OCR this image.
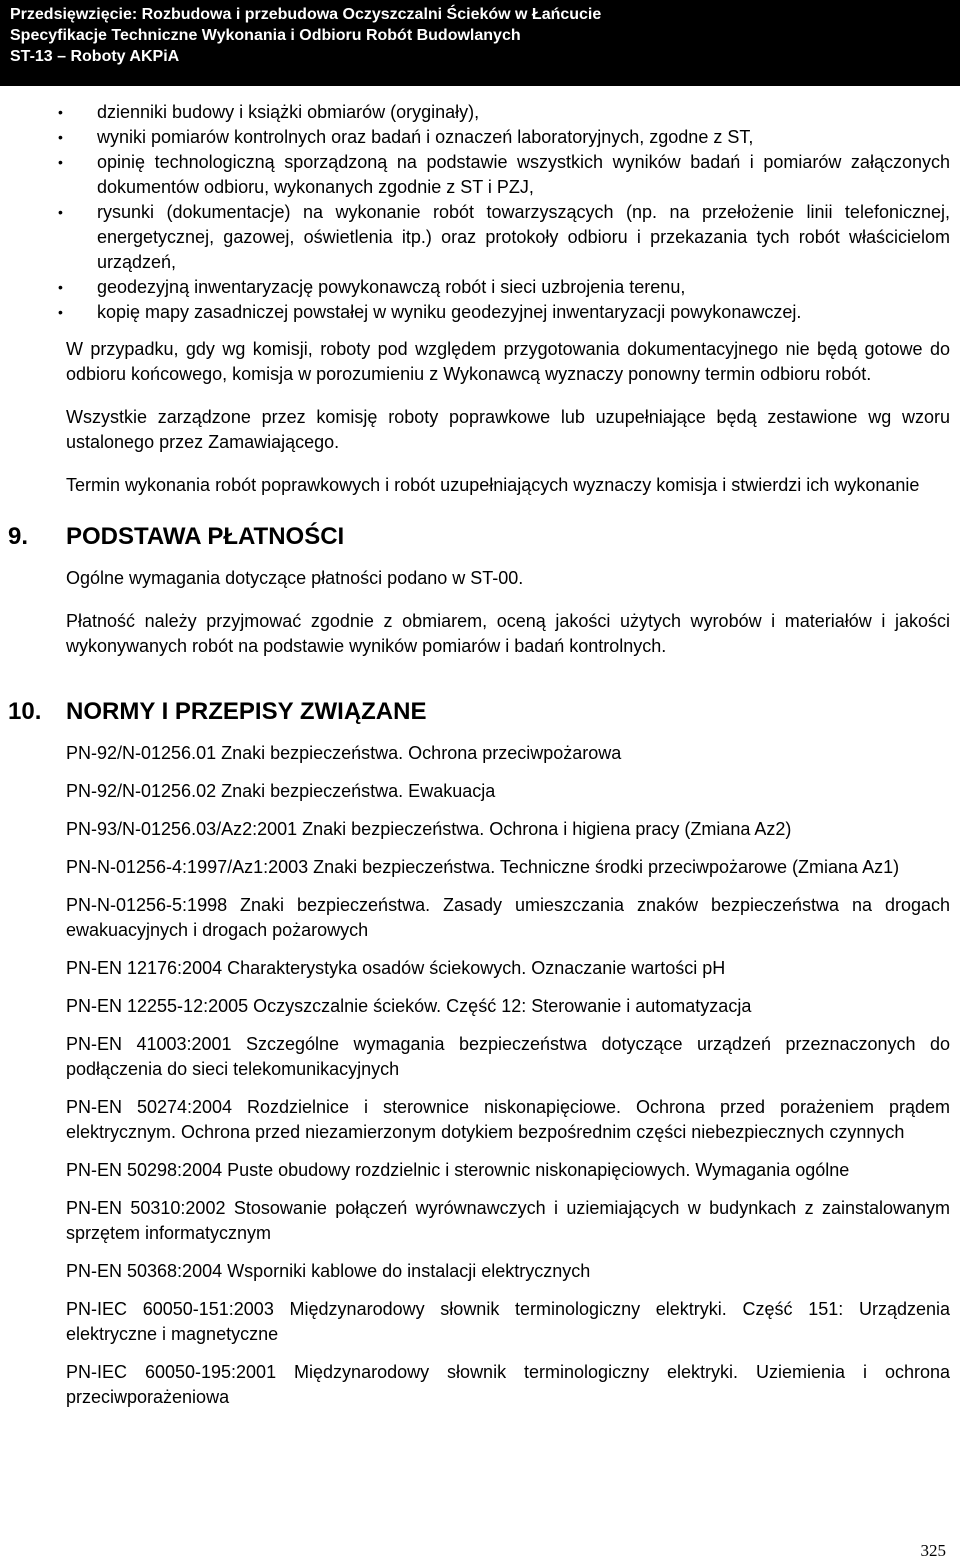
Przedsięwzięcie: Rozbudowa i przebudowa Oczyszczalni Ścieków w Łańcucie
Specyfikacje Techniczne Wykonania i Odbioru Robót Budowlanych
ST-13 – Roboty AKPiA
• dzienniki budowy i książki obmiarów (oryginały),
• wyniki pomiarów kontrolnych oraz badań i oznaczeń laboratoryjnych, zgodne z ST,
• opinię technologiczną sporządzoną na podstawie wszystkich wyników badań i pomiarów załączonych dokumentów odbioru, wykonanych zgodnie z ST i PZJ,
• rysunki (dokumentacje) na wykonanie robót towarzyszących (np. na przełożenie linii telefonicznej, energetycznej, gazowej, oświetlenia itp.) oraz protokoły odbioru i przekazania tych robót właścicielom urządzeń,
• geodezyjną inwentaryzację powykonawczą robót i sieci uzbrojenia terenu,
• kopię mapy zasadniczej powstałej w wyniku geodezyjnej inwentaryzacji powykonawczej.

W przypadku, gdy wg komisji, roboty pod względem przygotowania dokumentacyjnego nie będą gotowe do odbioru końcowego, komisja w porozumieniu z Wykonawcą wyznaczy ponowny termin odbioru robót.

Wszystkie zarządzone przez komisję roboty poprawkowe lub uzupełniające będą zestawione wg wzoru ustalonego przez Zamawiającego.

Termin wykonania robót poprawkowych i robót uzupełniających wyznaczy komisja i stwierdzi ich wykonanie

9. PODSTAWA PŁATNOŚCI

Ogólne wymagania dotyczące płatności podano w ST-00.

Płatność należy przyjmować zgodnie z obmiarem, oceną jakości użytych wyrobów i materiałów i jakości wykonywanych robót na podstawie wyników pomiarów i badań kontrolnych.

10. NORMY I PRZEPISY ZWIĄZANE
PN-92/N-01256.01 Znaki bezpieczeństwa. Ochrona przeciwpożarowa
PN-92/N-01256.02 Znaki bezpieczeństwa. Ewakuacja
PN-93/N-01256.03/Az2:2001 Znaki bezpieczeństwa. Ochrona i higiena pracy (Zmiana Az2)
PN-N-01256-4:1997/Az1:2003 Znaki bezpieczeństwa. Techniczne środki przeciwpożarowe (Zmiana Az1)
PN-N-01256-5:1998 Znaki bezpieczeństwa. Zasady umieszczania znaków bezpieczeństwa na drogach ewakuacyjnych i drogach pożarowych
PN-EN 12176:2004 Charakterystyka osadów ściekowych. Oznaczanie wartości pH
PN-EN 12255-12:2005 Oczyszczalnie ścieków. Część 12: Sterowanie i automatyzacja
PN-EN 41003:2001 Szczególne wymagania bezpieczeństwa dotyczące urządzeń przeznaczonych do podłączenia do sieci telekomunikacyjnych
PN-EN 50274:2004 Rozdzielnice i sterownice niskonapięciowe. Ochrona przed porażeniem prądem elektrycznym. Ochrona przed niezamierzonym dotykiem bezpośrednim części niebezpiecznych czynnych
PN-EN 50298:2004 Puste obudowy rozdzielnic i sterownic niskonapięciowych. Wymagania ogólne
PN-EN 50310:2002 Stosowanie połączeń wyrównawczych i uziemiających w budynkach z zainstalowanym sprzętem informatycznym
PN-EN 50368:2004 Wsporniki kablowe do instalacji elektrycznych
PN-IEC 60050-151:2003 Międzynarodowy słownik terminologiczny elektryki. Część 151: Urządzenia elektryczne i magnetyczne
PN-IEC 60050-195:2001 Międzynarodowy słownik terminologiczny elektryki. Uziemienia i ochrona przeciwporażeniowa
325
